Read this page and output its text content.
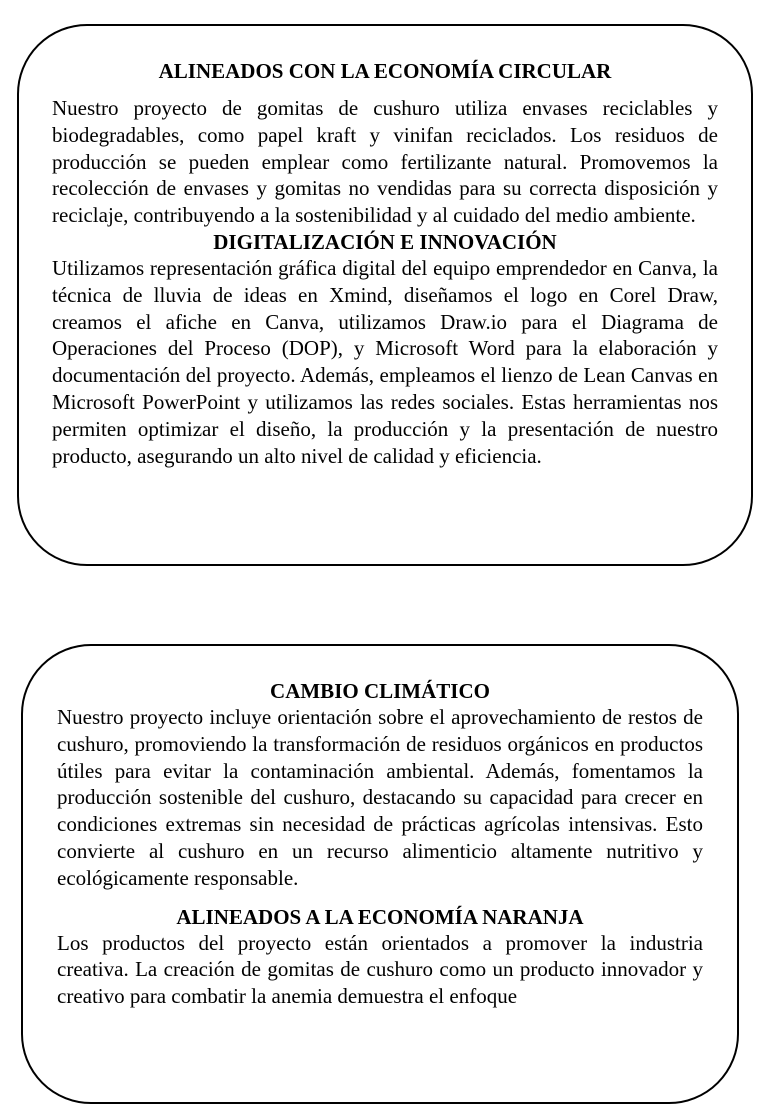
ALINEADOS CON LA ECONOMÍA CIRCULAR

Nuestro proyecto de gomitas de cushuro utiliza envases reciclables y biodegradables, como papel kraft y vinifan reciclados. Los residuos de producción se pueden emplear como fertilizante natural. Promovemos la recolección de envases y gomitas no vendidas para su correcta disposición y reciclaje, contribuyendo a la sostenibilidad y al cuidado del medio ambiente.

DIGITALIZACIÓN E INNOVACIÓN

Utilizamos representación gráfica digital del equipo emprendedor en Canva, la técnica de lluvia de ideas en Xmind, diseñamos el logo en Corel Draw, creamos el afiche en Canva, utilizamos Draw.io para el Diagrama de Operaciones del Proceso (DOP), y Microsoft Word para la elaboración y documentación del proyecto. Además, empleamos el lienzo de Lean Canvas en Microsoft PowerPoint y utilizamos las redes sociales. Estas herramientas nos permiten optimizar el diseño, la producción y la presentación de nuestro producto, asegurando un alto nivel de calidad y eficiencia.

CAMBIO CLIMÁTICO

Nuestro proyecto incluye orientación sobre el aprovechamiento de restos de cushuro, promoviendo la transformación de residuos orgánicos en productos útiles para evitar la contaminación ambiental. Además, fomentamos la producción sostenible del cushuro, destacando su capacidad para crecer en condiciones extremas sin necesidad de prácticas agrícolas intensivas. Esto convierte al cushuro en un recurso alimenticio altamente nutritivo y ecológicamente responsable.

ALINEADOS A LA ECONOMÍA NARANJA

Los productos del proyecto están orientados a promover la industria creativa. La creación de gomitas de cushuro como un producto innovador y creativo para combatir la anemia demuestra el enfoque
